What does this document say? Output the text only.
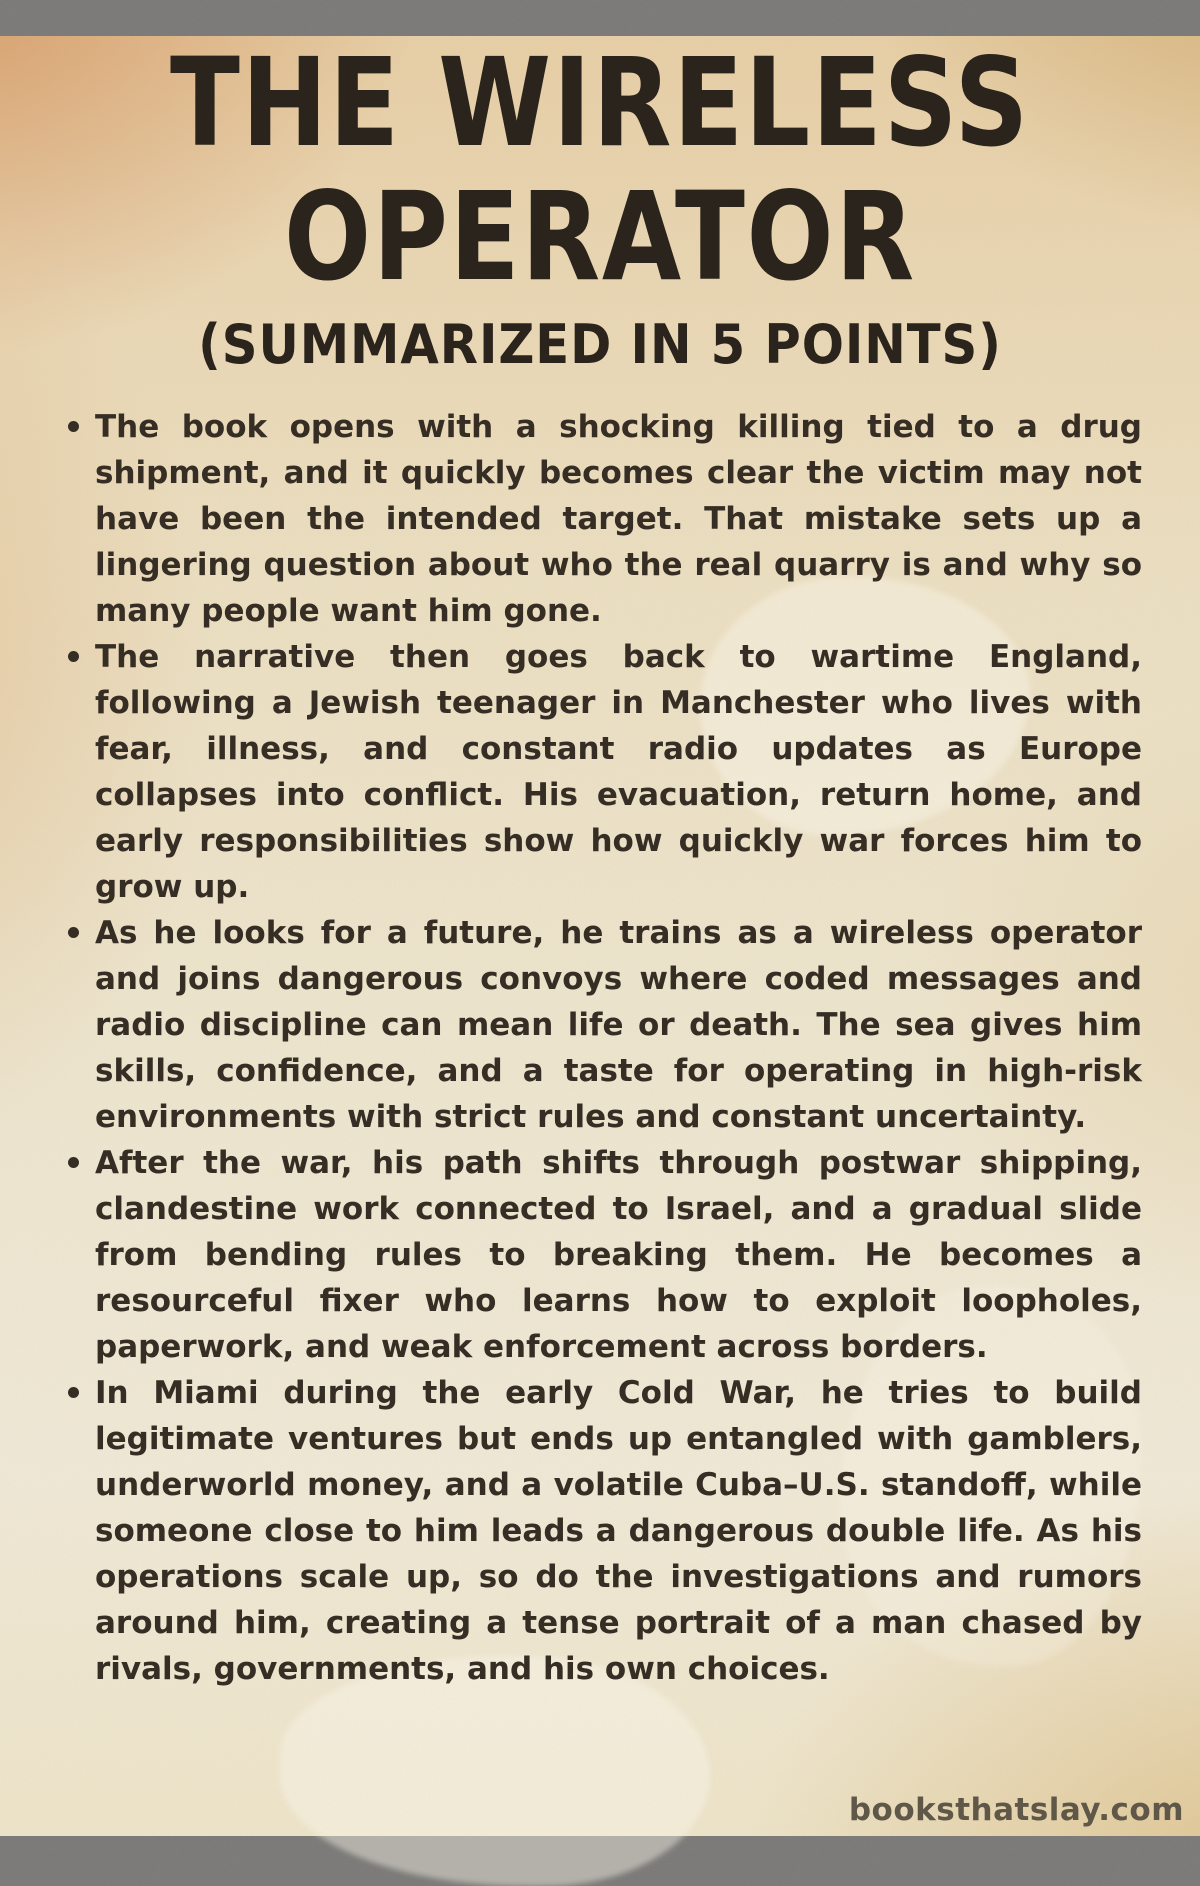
THE WIRELESS
OPERATOR
(SUMMARIZED IN 5 POINTS)
The book opens with a shocking killing tied to a drug shipment, and it quickly becomes clear the victim may not have been the intended target. That mistake sets up a lingering question about who the real quarry is and why so many people want him gone.
The narrative then goes back to wartime England, following a Jewish teenager in Manchester who lives with fear, illness, and constant radio updates as Europe collapses into conflict. His evacuation, return home, and early responsibilities show how quickly war forces him to grow up.
As he looks for a future, he trains as a wireless operator and joins dangerous convoys where coded messages and radio discipline can mean life or death. The sea gives him skills, confidence, and a taste for operating in high-risk environments with strict rules and constant uncertainty.
After the war, his path shifts through postwar shipping, clandestine work connected to Israel, and a gradual slide from bending rules to breaking them. He becomes a resourceful fixer who learns how to exploit loopholes, paperwork, and weak enforcement across borders.
In Miami during the early Cold War, he tries to build legitimate ventures but ends up entangled with gamblers, underworld money, and a volatile Cuba–U.S. standoff, while someone close to him leads a dangerous double life. As his operations scale up, so do the investigations and rumors around him, creating a tense portrait of a man chased by rivals, governments, and his own choices.
booksthatslay.com
